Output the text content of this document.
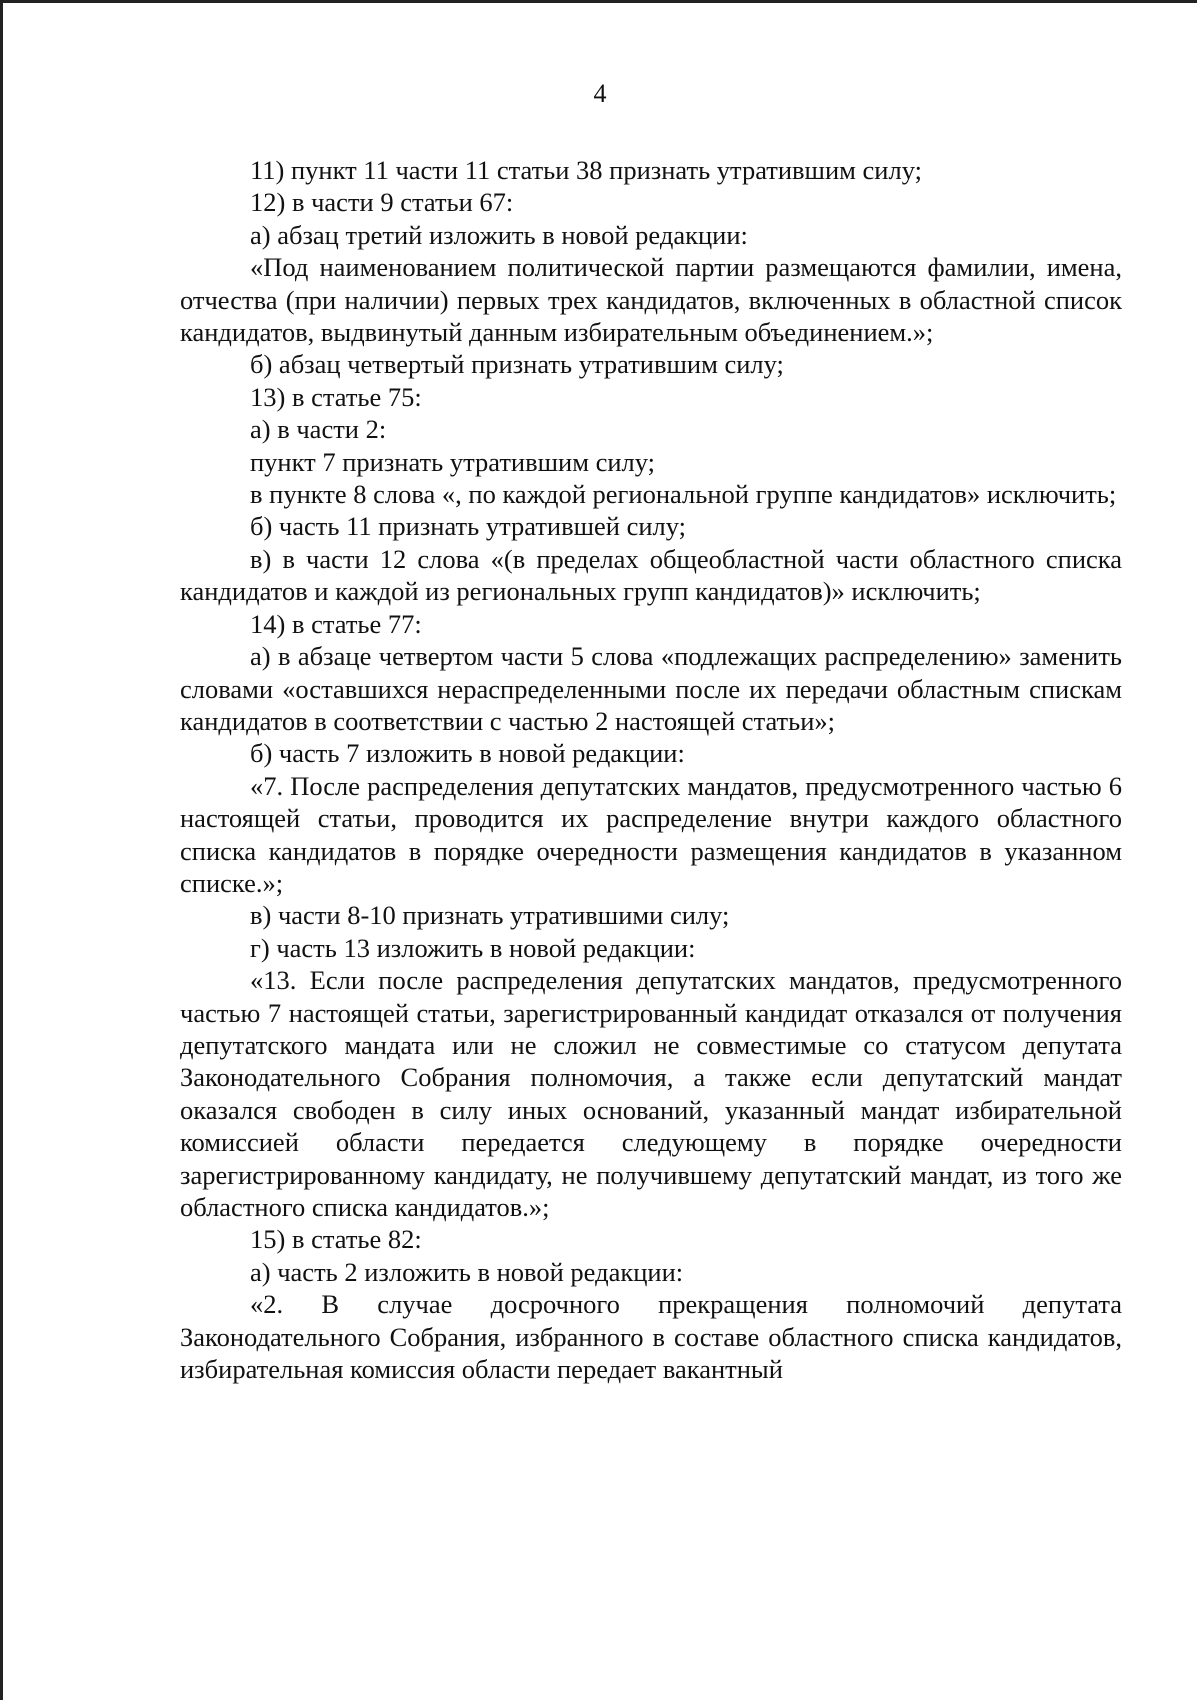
4

11) пункт 11 части 11 статьи 38 признать утратившим силу;

12) в части 9 статьи 67:

а) абзац третий изложить в новой редакции:

«Под наименованием политической партии размещаются фамилии, имена, отчества (при наличии) первых трех кандидатов, включенных в областной список кандидатов, выдвинутый данным избирательным объединением.»;

б) абзац четвертый признать утратившим силу;

13) в статье 75:

а) в части 2:

пункт 7 признать утратившим силу;

в пункте 8 слова «, по каждой региональной группе кандидатов» исключить;

б) часть 11 признать утратившей силу;

в) в части 12 слова «(в пределах общеобластной части областного списка кандидатов и каждой из региональных групп кандидатов)» исключить;

14) в статье 77:

а) в абзаце четвертом части 5 слова «подлежащих распределению» заменить словами «оставшихся нераспределенными после их передачи областным спискам кандидатов в соответствии с частью 2 настоящей статьи»;

б) часть 7 изложить в новой редакции:

«7. После распределения депутатских мандатов, предусмотренного частью 6 настоящей статьи, проводится их распределение внутри каждого областного списка кандидатов в порядке очередности размещения кандидатов в указанном списке.»;

в) части 8-10 признать утратившими силу;

г) часть 13 изложить в новой редакции:

«13. Если после распределения депутатских мандатов, предусмотренного частью 7 настоящей статьи, зарегистрированный кандидат отказался от получения депутатского мандата или не сложил не совместимые со статусом депутата Законодательного Собрания полномочия, а также если депутатский мандат оказался свободен в силу иных оснований, указанный мандат избирательной комиссией области передается следующему в порядке очередности зарегистрированному кандидату, не получившему депутатский мандат, из того же областного списка кандидатов.»;

15) в статье 82:

а) часть 2 изложить в новой редакции:

«2. В случае досрочного прекращения полномочий депутата Законодательного Собрания, избранного в составе областного списка кандидатов, избирательная комиссия области передает вакантный
